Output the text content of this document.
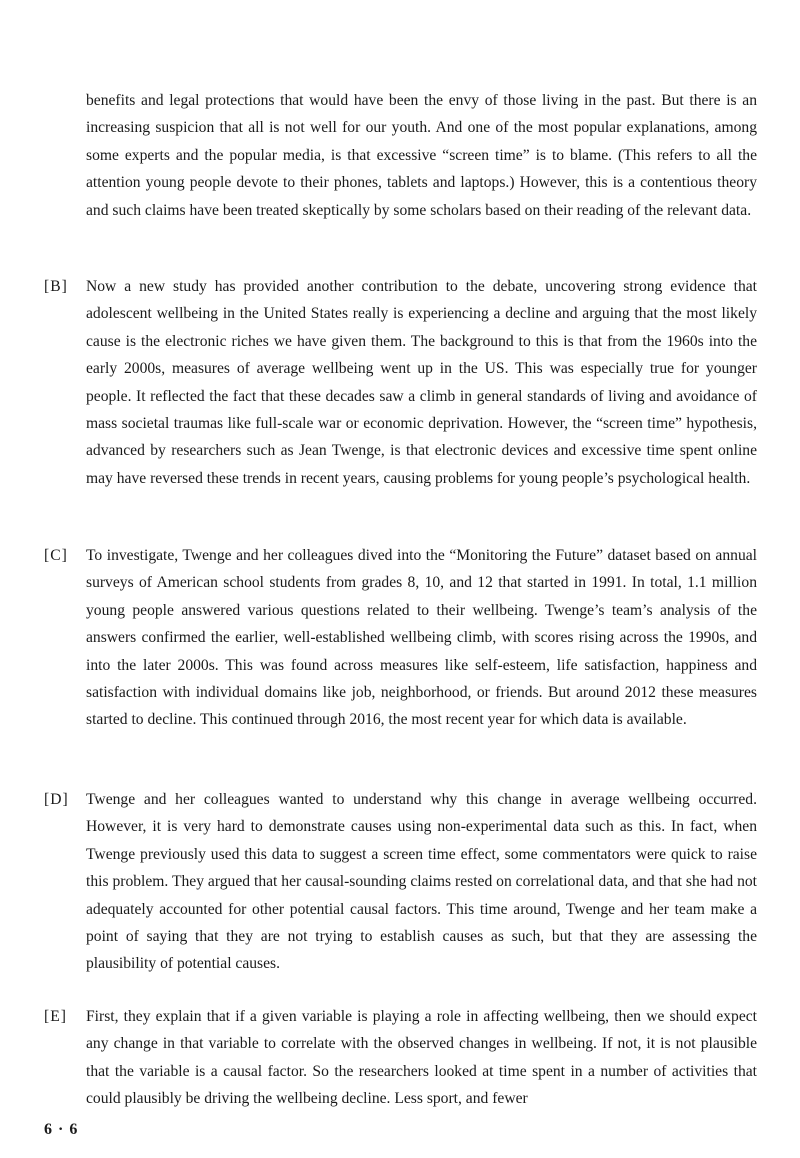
benefits and legal protections that would have been the envy of those living in the past. But there is an increasing suspicion that all is not well for our youth. And one of the most popular explanations, among some experts and the popular media, is that excessive “screen time” is to blame. (This refers to all the attention young people devote to their phones, tablets and laptops.) However, this is a contentious theory and such claims have been treated skeptically by some scholars based on their reading of the relevant data.

[B] Now a new study has provided another contribution to the debate, uncovering strong evidence that adolescent wellbeing in the United States really is experiencing a decline and arguing that the most likely cause is the electronic riches we have given them. The background to this is that from the 1960s into the early 2000s, measures of average wellbeing went up in the US. This was especially true for younger people. It reflected the fact that these decades saw a climb in general standards of living and avoidance of mass societal traumas like full-scale war or economic deprivation. However, the “screen time” hypothesis, advanced by researchers such as Jean Twenge, is that electronic devices and excessive time spent online may have reversed these trends in recent years, causing problems for young people’s psychological health.

[C] To investigate, Twenge and her colleagues dived into the “Monitoring the Future” dataset based on annual surveys of American school students from grades 8, 10, and 12 that started in 1991. In total, 1.1 million young people answered various questions related to their wellbeing. Twenge’s team’s analysis of the answers confirmed the earlier, well-established wellbeing climb, with scores rising across the 1990s, and into the later 2000s. This was found across measures like self-esteem, life satisfaction, happiness and satisfaction with individual domains like job, neighborhood, or friends. But around 2012 these measures started to decline. This continued through 2016, the most recent year for which data is available.

[D] Twenge and her colleagues wanted to understand why this change in average wellbeing occurred. However, it is very hard to demonstrate causes using non-experimental data such as this. In fact, when Twenge previously used this data to suggest a screen time effect, some commentators were quick to raise this problem. They argued that her causal-sounding claims rested on correlational data, and that she had not adequately accounted for other potential causal factors. This time around, Twenge and her team make a point of saying that they are not trying to establish causes as such, but that they are assessing the plausibility of potential causes.

[E] First, they explain that if a given variable is playing a role in affecting wellbeing, then we should expect any change in that variable to correlate with the observed changes in wellbeing. If not, it is not plausible that the variable is a causal factor. So the researchers looked at time spent in a number of activities that could plausibly be driving the wellbeing decline. Less sport, and fewer

6 · 6
